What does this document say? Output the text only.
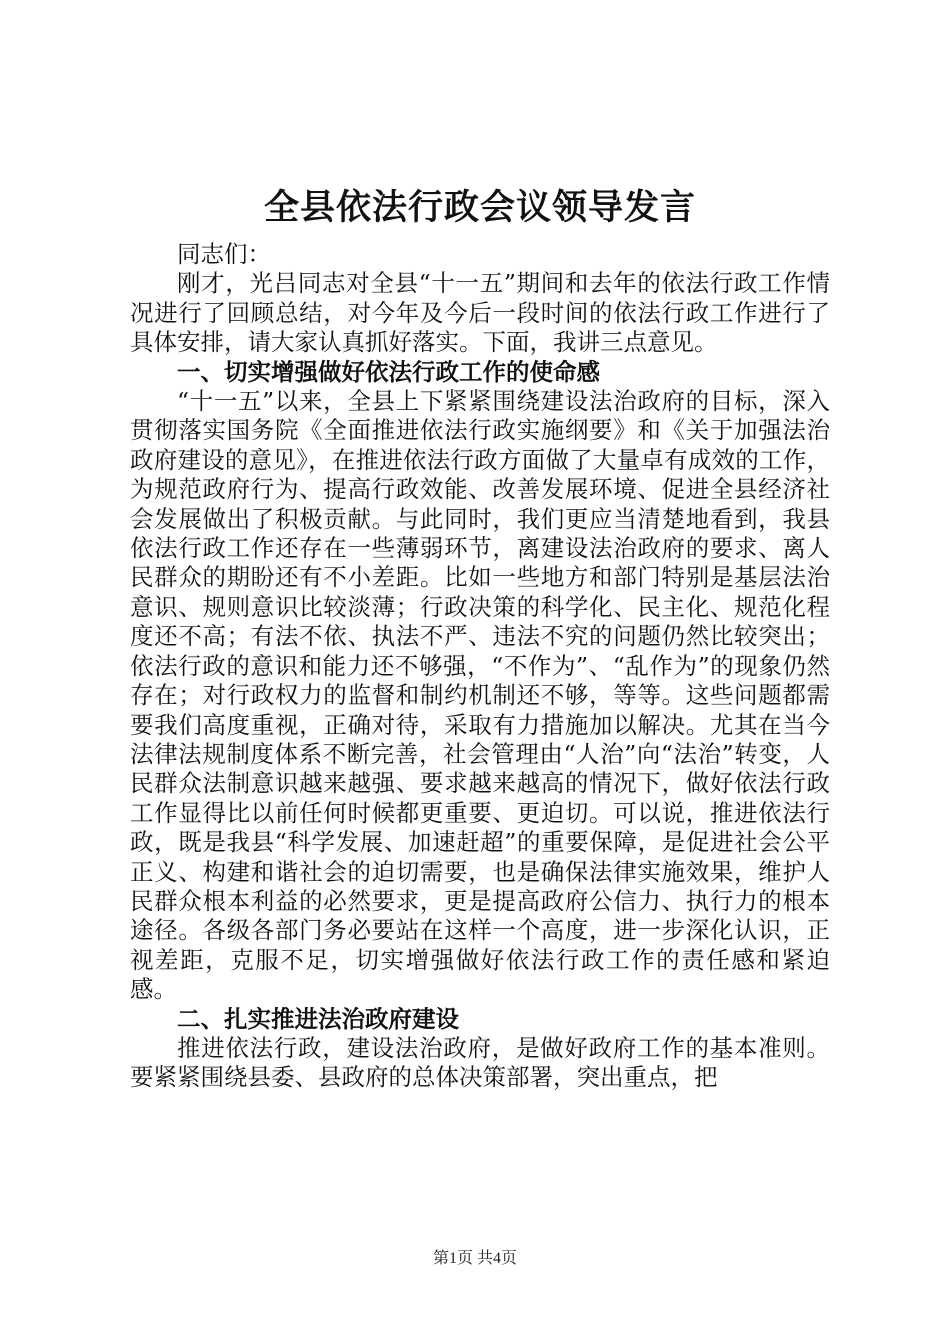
全县依法行政会议领导发言

同志们：

刚才，光吕同志对全县“十一五”期间和去年的依法行政工作情况进行了回顾总结，对今年及今后一段时间的依法行政工作进行了具体安排，请大家认真抓好落实。下面，我讲三点意见。

一、切实增强做好依法行政工作的使命感

“十一五”以来，全县上下紧紧围绕建设法治政府的目标，深入贯彻落实国务院《全面推进依法行政实施纲要》和《关于加强法治政府建设的意见》，在推进依法行政方面做了大量卓有成效的工作，为规范政府行为、提高行政效能、改善发展环境、促进全县经济社会发展做出了积极贡献。与此同时，我们更应当清楚地看到，我县依法行政工作还存在一些薄弱环节，离建设法治政府的要求、离人民群众的期盼还有不小差距。比如一些地方和部门特别是基层法治意识、规则意识比较淡薄；行政决策的科学化、民主化、规范化程度还不高；有法不依、执法不严、违法不究的问题仍然比较突出；依法行政的意识和能力还不够强，“不作为”、“乱作为”的现象仍然存在；对行政权力的监督和制约机制还不够，等等。这些问题都需要我们高度重视，正确对待，采取有力措施加以解决。尤其在当今法律法规制度体系不断完善，社会管理由“人治”向“法治”转变，人民群众法制意识越来越强、要求越来越高的情况下，做好依法行政工作显得比以前任何时候都更重要、更迫切。可以说，推进依法行政，既是我县“科学发展、加速赶超”的重要保障，是促进社会公平正义、构建和谐社会的迫切需要，也是确保法律实施效果，维护人民群众根本利益的必然要求，更是提高政府公信力、执行力的根本途径。各级各部门务必要站在这样一个高度，进一步深化认识，正视差距，克服不足，切实增强做好依法行政工作的责任感和紧迫感。

二、扎实推进法治政府建设

推进依法行政，建设法治政府，是做好政府工作的基本准则。要紧紧围绕县委、县政府的总体决策部署，突出重点，把

第1页 共4页
